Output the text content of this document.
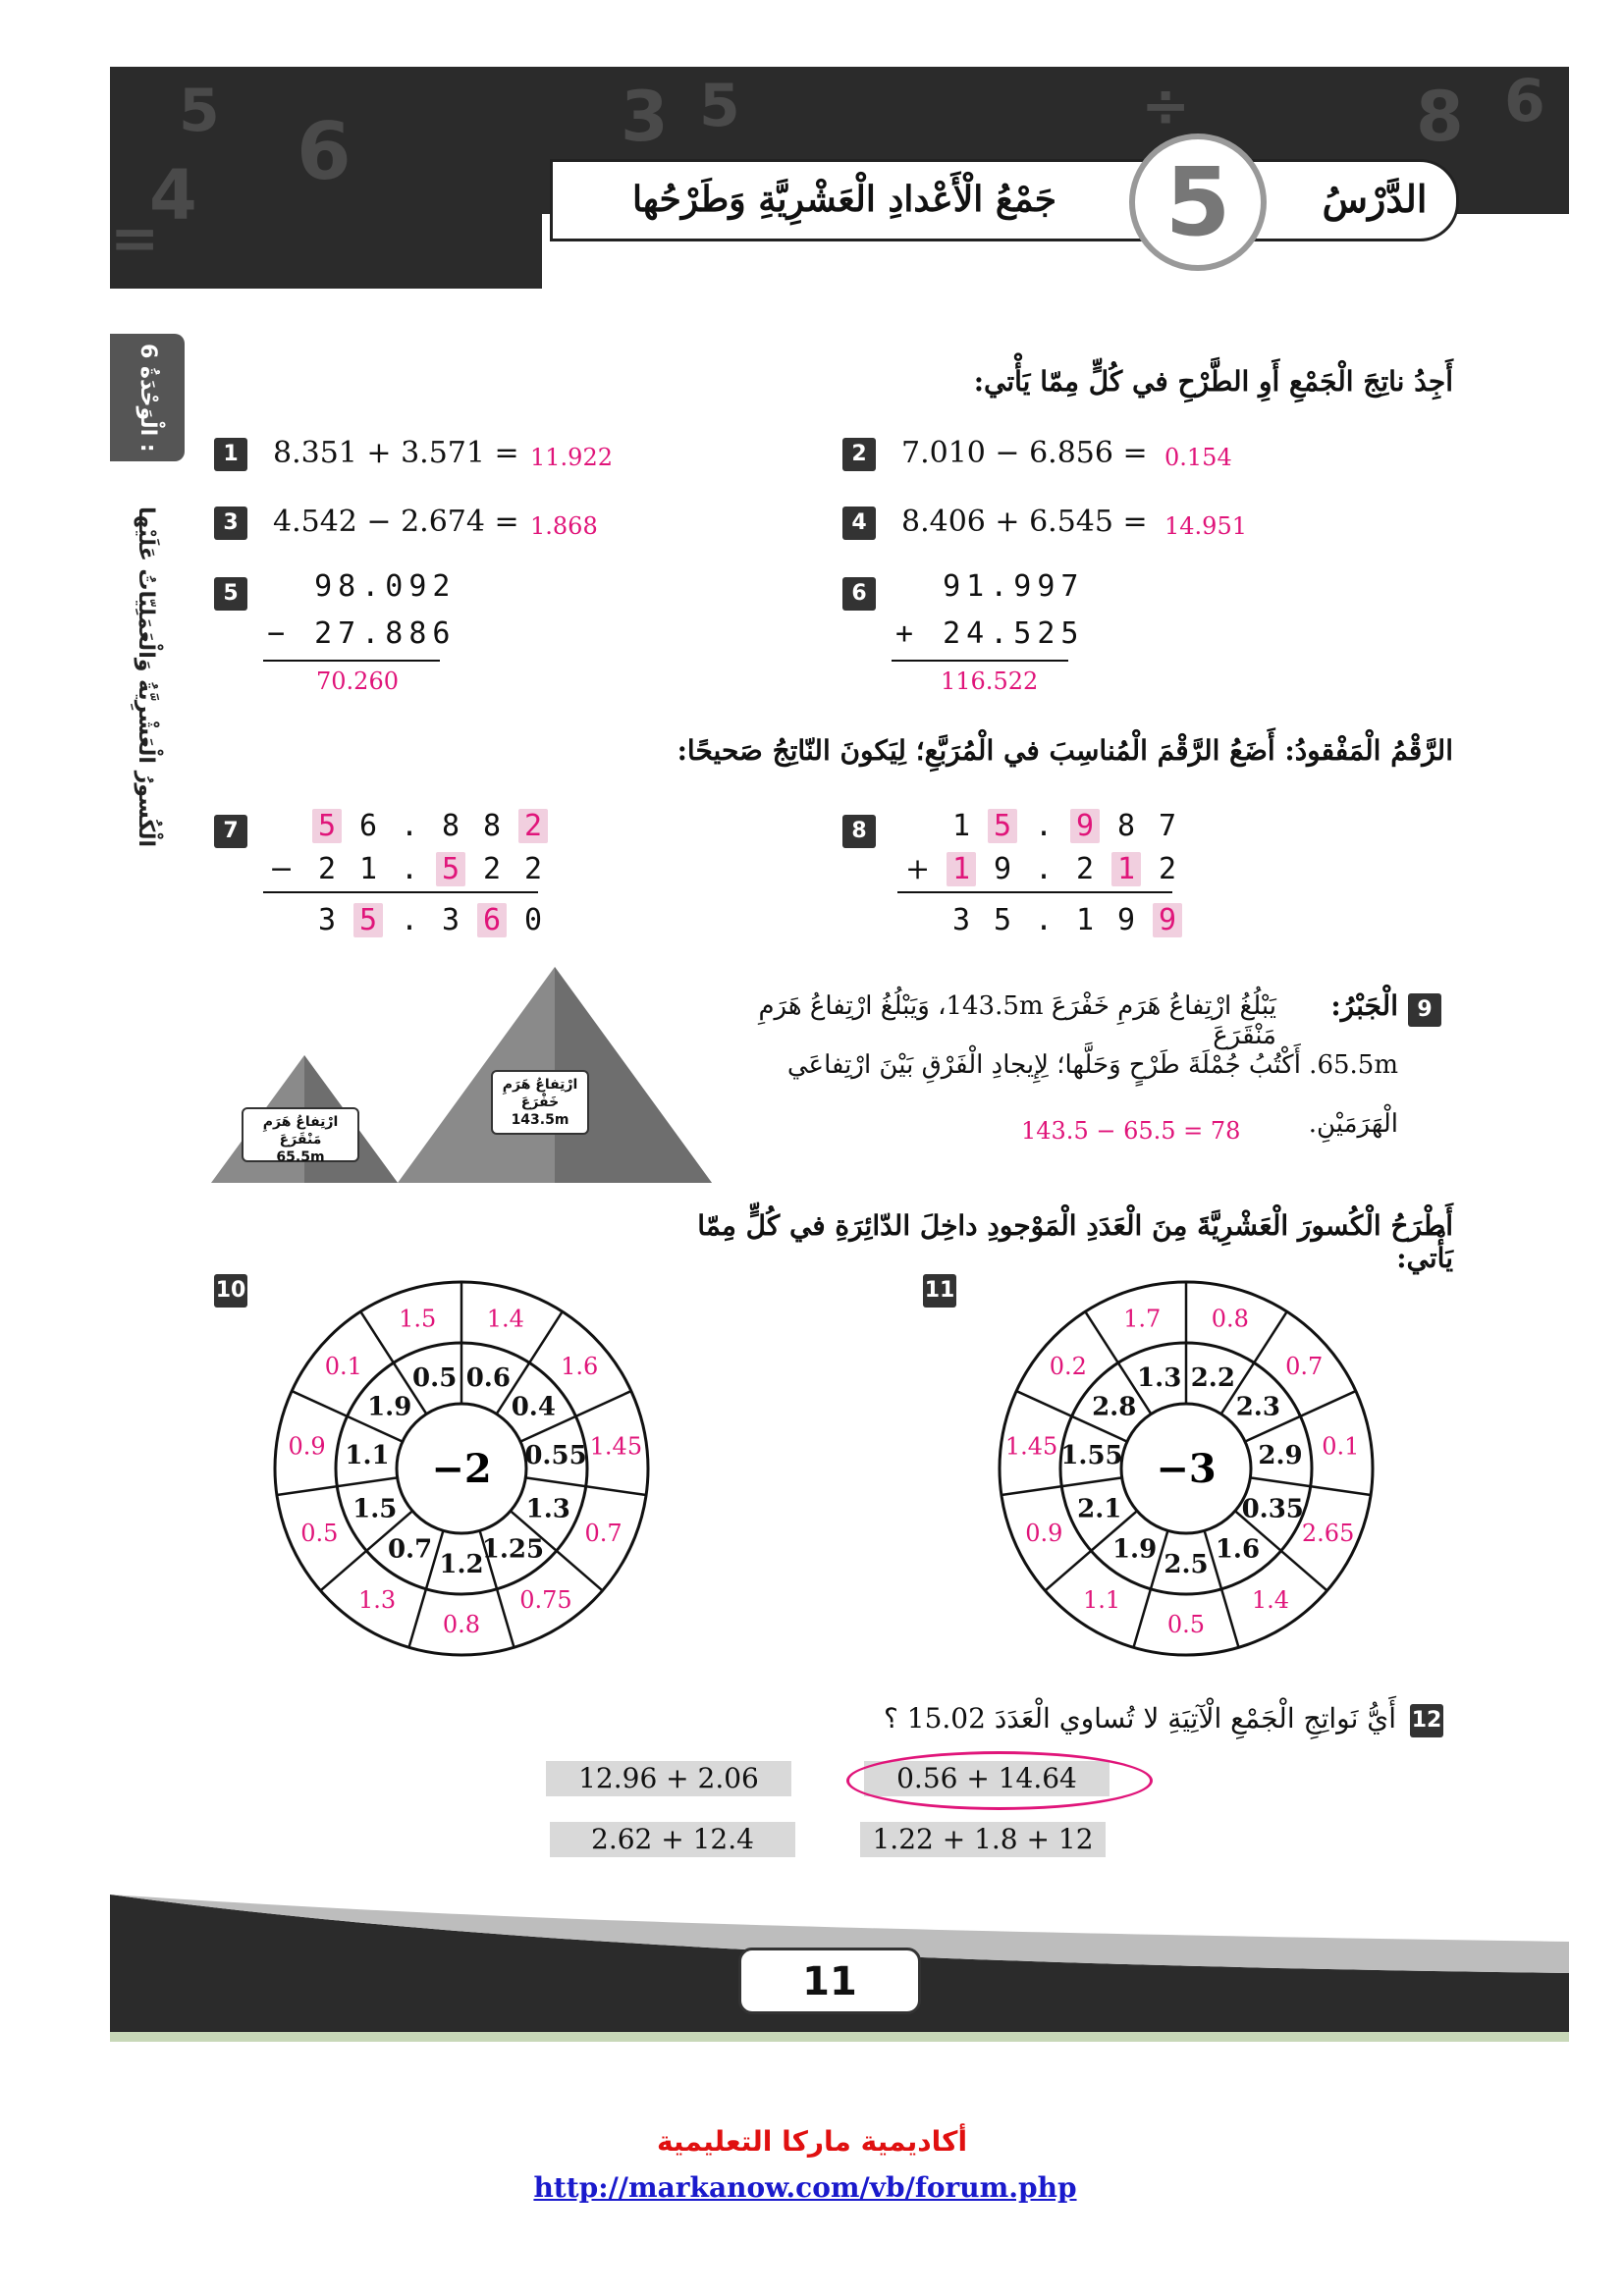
5 6
4
3 5	÷	8 6
=
الدَّرْسُ
جَمْعُ الْأَعْدادِ الْعَشْرِيَّةِ وَطَرْحُها	5
الْوَحْدَةُ 6 :
الْكُسورُ الْعَشْرِيَّةُ وَالْعَمَلِيّاتُ عَلَيْها
أَجِدُ ناتِجَ الْجَمْعِ أَوِ الطَّرْحِ في كُلٍّ مِمّا يَأْتي:
1	8.351 + 3.571 = 11.922	2	7.010 − 6.856 = 0.154
3	4.542 − 2.674 = 1.868	4	8.406 + 6.545 = 14.951
5 98.092
− 27.886
70.260
6 91.997
+ 24.525
116.522
الرَّقْمُ الْمَفْقودُ: أَضَعُ الرَّقْمَ الْمُناسِبَ في الْمُرَبَّعِ؛ لِيَكونَ النّاتِجُ صَحيحًا:
7	5 6 . 8 8 2
− 2 1 . 5 2 2
3 5 . 3 6 0
8	1 5 . 9 8 7
+ 1 9 . 2 1 2
3 5 . 1 9 9
ارْتِفاعُ هَرَمِ خَفْرَعَ
143.5m
ارْتِفاعُ هَرَمِ مَنْقَرَعَ
65.5m
9
الْجَبْرُ:
يَبْلُغُ ارْتِفاعُ هَرَمِ خَفْرَعَ 143.5m، وَيَبْلُغُ ارْتِفاعُ هَرَمِ مَنْقَرَعَ
65.5m. أَكْتُبُ جُمْلَةَ طَرْحٍ وَحَلَّها؛ لِإِيجادِ الْفَرْقِ بَيْنَ ارْتِفاعَي
الْهَرَمَيْنِ.
143.5 − 65.5 = 78
أَطْرَحُ الْكُسورَ الْعَشْرِيَّةَ مِنَ الْعَدَدِ الْمَوْجودِ داخِلَ الدّائِرَةِ في كُلٍّ مِمّا يَأْتي:
10
−2
0.6
1.4
0.4
1.6
0.55 1.45
1.3
0.7
1.25
0.75
1.2
0.8
0.7
1.3
1.5
0.5
1.1
0.9
1.9
0.1 0.5
1.5
11
−3
2.2
0.8
2.3
0.7
2.9 0.1
0.35
2.65
1.6
1.4
2.5
0.5
1.9
1.1
2.1
0.9
1.55
1.45
2.8
0.2 1.3
1.7
12
أَيُّ نَواتِجِ الْجَمْعِ الْآتِيَةِ لا تُساوي الْعَدَدَ 15.02 ؟
12.96 + 2.06	0.56 + 14.64
2.62 + 12.4	1.22 + 1.8 + 12
11
أكاديمية ماركا التعليمية
http://markanow.com/vb/forum.php
